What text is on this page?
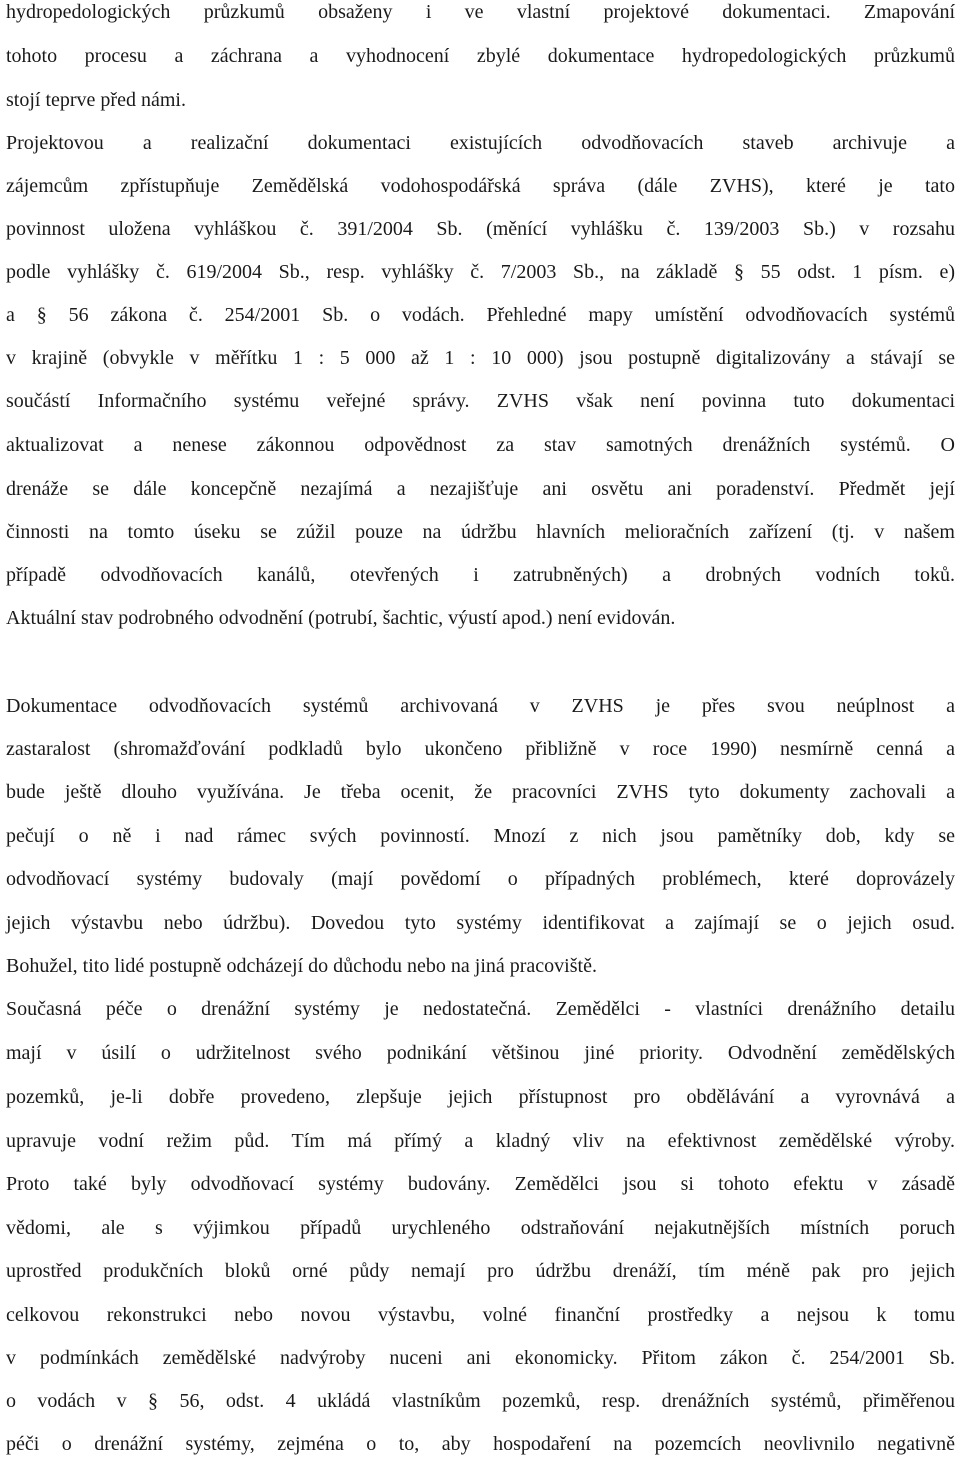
hydropedologických průzkumů obsaženy i ve vlastní projektové dokumentaci. Zmapování
tohoto procesu a záchrana a vyhodnocení zbylé dokumentace hydropedologických průzkumů
stojí teprve před námi.
Projektovou a realizační dokumentaci existujících odvodňovacích staveb archivuje a
zájemcům zpřístupňuje Zemědělská vodohospodářská správa (dále ZVHS), které je tato
povinnost uložena vyhláškou č. 391/2004 Sb. (měnící vyhlášku č. 139/2003 Sb.) v rozsahu
podle vyhlášky č. 619/2004 Sb., resp. vyhlášky č. 7/2003 Sb., na základě § 55 odst. 1 písm. e)
a § 56 zákona č. 254/2001 Sb. o vodách. Přehledné mapy umístění odvodňovacích systémů
v krajině (obvykle v měřítku 1 : 5 000 až 1 : 10 000) jsou postupně digitalizovány a stávají se
součástí Informačního systému veřejné správy. ZVHS však není povinna tuto dokumentaci
aktualizovat a nenese zákonnou odpovědnost za stav samotných drenážních systémů. O
drenáže se dále koncepčně nezajímá a nezajišťuje ani osvětu ani poradenství. Předmět její
činnosti na tomto úseku se zúžil pouze na údržbu hlavních melioračních zařízení (tj. v našem
případě odvodňovacích kanálů, otevřených i zatrubněných) a drobných vodních toků.
Aktuální stav podrobného odvodnění (potrubí, šachtic, výustí apod.) není evidován.
Dokumentace odvodňovacích systémů archivovaná v ZVHS je přes svou neúplnost a
zastaralost (shromažďování podkladů bylo ukončeno přibližně v roce 1990) nesmírně cenná a
bude ještě dlouho využívána. Je třeba ocenit, že pracovníci ZVHS tyto dokumenty zachovali a
pečují o ně i nad rámec svých povinností. Mnozí z nich jsou pamětníky dob, kdy se
odvodňovací systémy budovaly (mají povědomí o případných problémech, které doprovázely
jejich výstavbu nebo údržbu). Dovedou tyto systémy identifikovat a zajímají se o jejich osud.
Bohužel, tito lidé postupně odcházejí do důchodu nebo na jiná pracoviště.
Současná péče o drenážní systémy je nedostatečná. Zemědělci - vlastníci drenážního detailu
mají v úsilí o udržitelnost svého podnikání většinou jiné priority. Odvodnění zemědělských
pozemků, je-li dobře provedeno, zlepšuje jejich přístupnost pro obdělávání a vyrovnává a
upravuje vodní režim půd. Tím má přímý a kladný vliv na efektivnost zemědělské výroby.
Proto také byly odvodňovací systémy budovány. Zemědělci jsou si tohoto efektu v zásadě
vědomi, ale s výjimkou případů urychleného odstraňování nejakutnějších místních poruch
uprostřed produkčních bloků orné půdy nemají pro údržbu drenáží, tím méně pak pro jejich
celkovou rekonstrukci nebo novou výstavbu, volné finanční prostředky a nejsou k tomu
v podmínkách zemědělské nadvýroby nuceni ani ekonomicky. Přitom zákon č. 254/2001 Sb.
o vodách v § 56, odst. 4 ukládá vlastníkům pozemků, resp. drenážních systémů, přiměřenou
péči o drenážní systémy, zejména o to, aby hospodaření na pozemcích neovlivnilo negativně
